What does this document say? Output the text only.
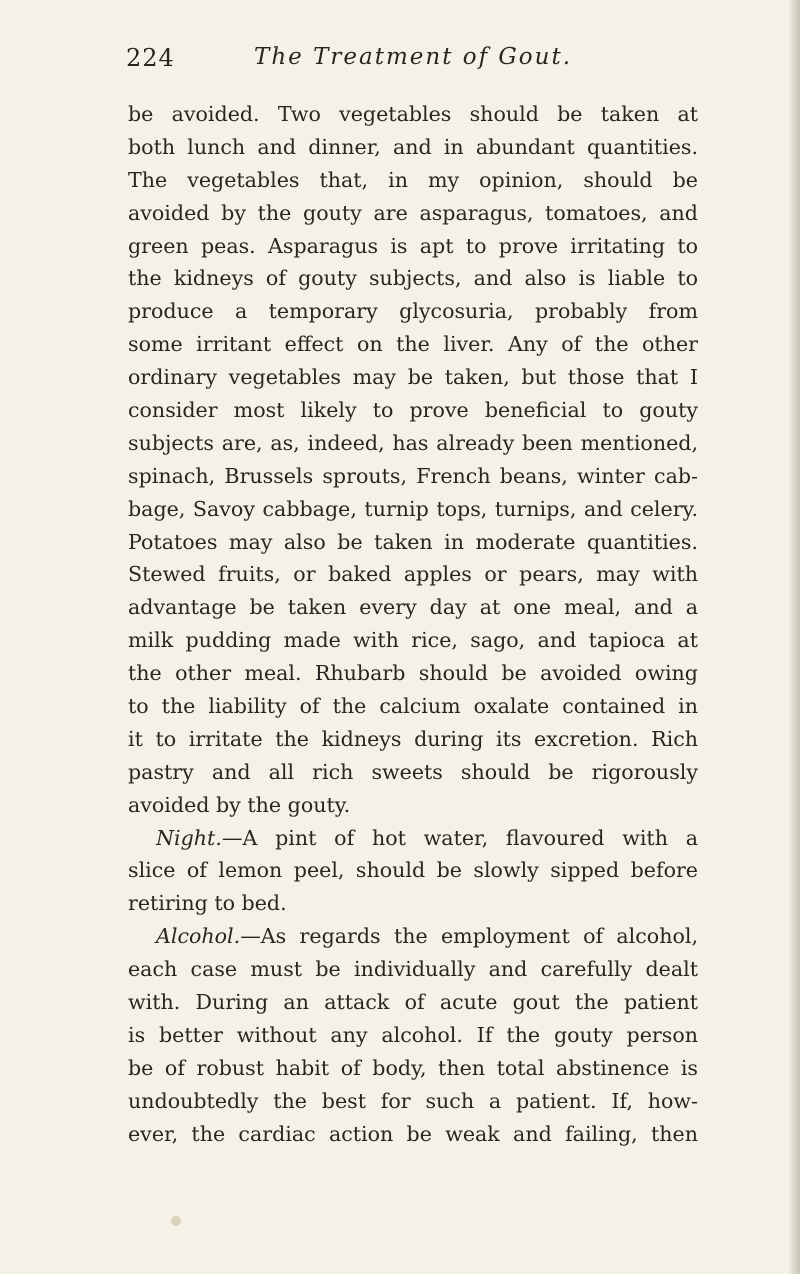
224	The Treatment of Gout.
be avoided. Two vegetables should be taken at
both lunch and dinner, and in abundant quantities.
The vegetables that, in my opinion, should be
avoided by the gouty are asparagus, tomatoes, and
green peas. Asparagus is apt to prove irritating to
the kidneys of gouty subjects, and also is liable to
produce a temporary glycosuria, probably from
some irritant effect on the liver. Any of the other
ordinary vegetables may be taken, but those that I
consider most likely to prove beneficial to gouty
subjects are, as, indeed, has already been mentioned,
spinach, Brussels sprouts, French beans, winter cab-
bage, Savoy cabbage, turnip tops, turnips, and celery.
Potatoes may also be taken in moderate quantities.
Stewed fruits, or baked apples or pears, may with
advantage be taken every day at one meal, and a
milk pudding made with rice, sago, and tapioca at
the other meal. Rhubarb should be avoided owing
to the liability of the calcium oxalate contained in
it to irritate the kidneys during its excretion. Rich
pastry and all rich sweets should be rigorously
avoided by the gouty.
Night.—A pint of hot water, flavoured with a
slice of lemon peel, should be slowly sipped before
retiring to bed.
Alcohol.—As regards the employment of alcohol,
each case must be individually and carefully dealt
with. During an attack of acute gout the patient
is better without any alcohol. If the gouty person
be of robust habit of body, then total abstinence is
undoubtedly the best for such a patient. If, how-
ever, the cardiac action be weak and failing, then
